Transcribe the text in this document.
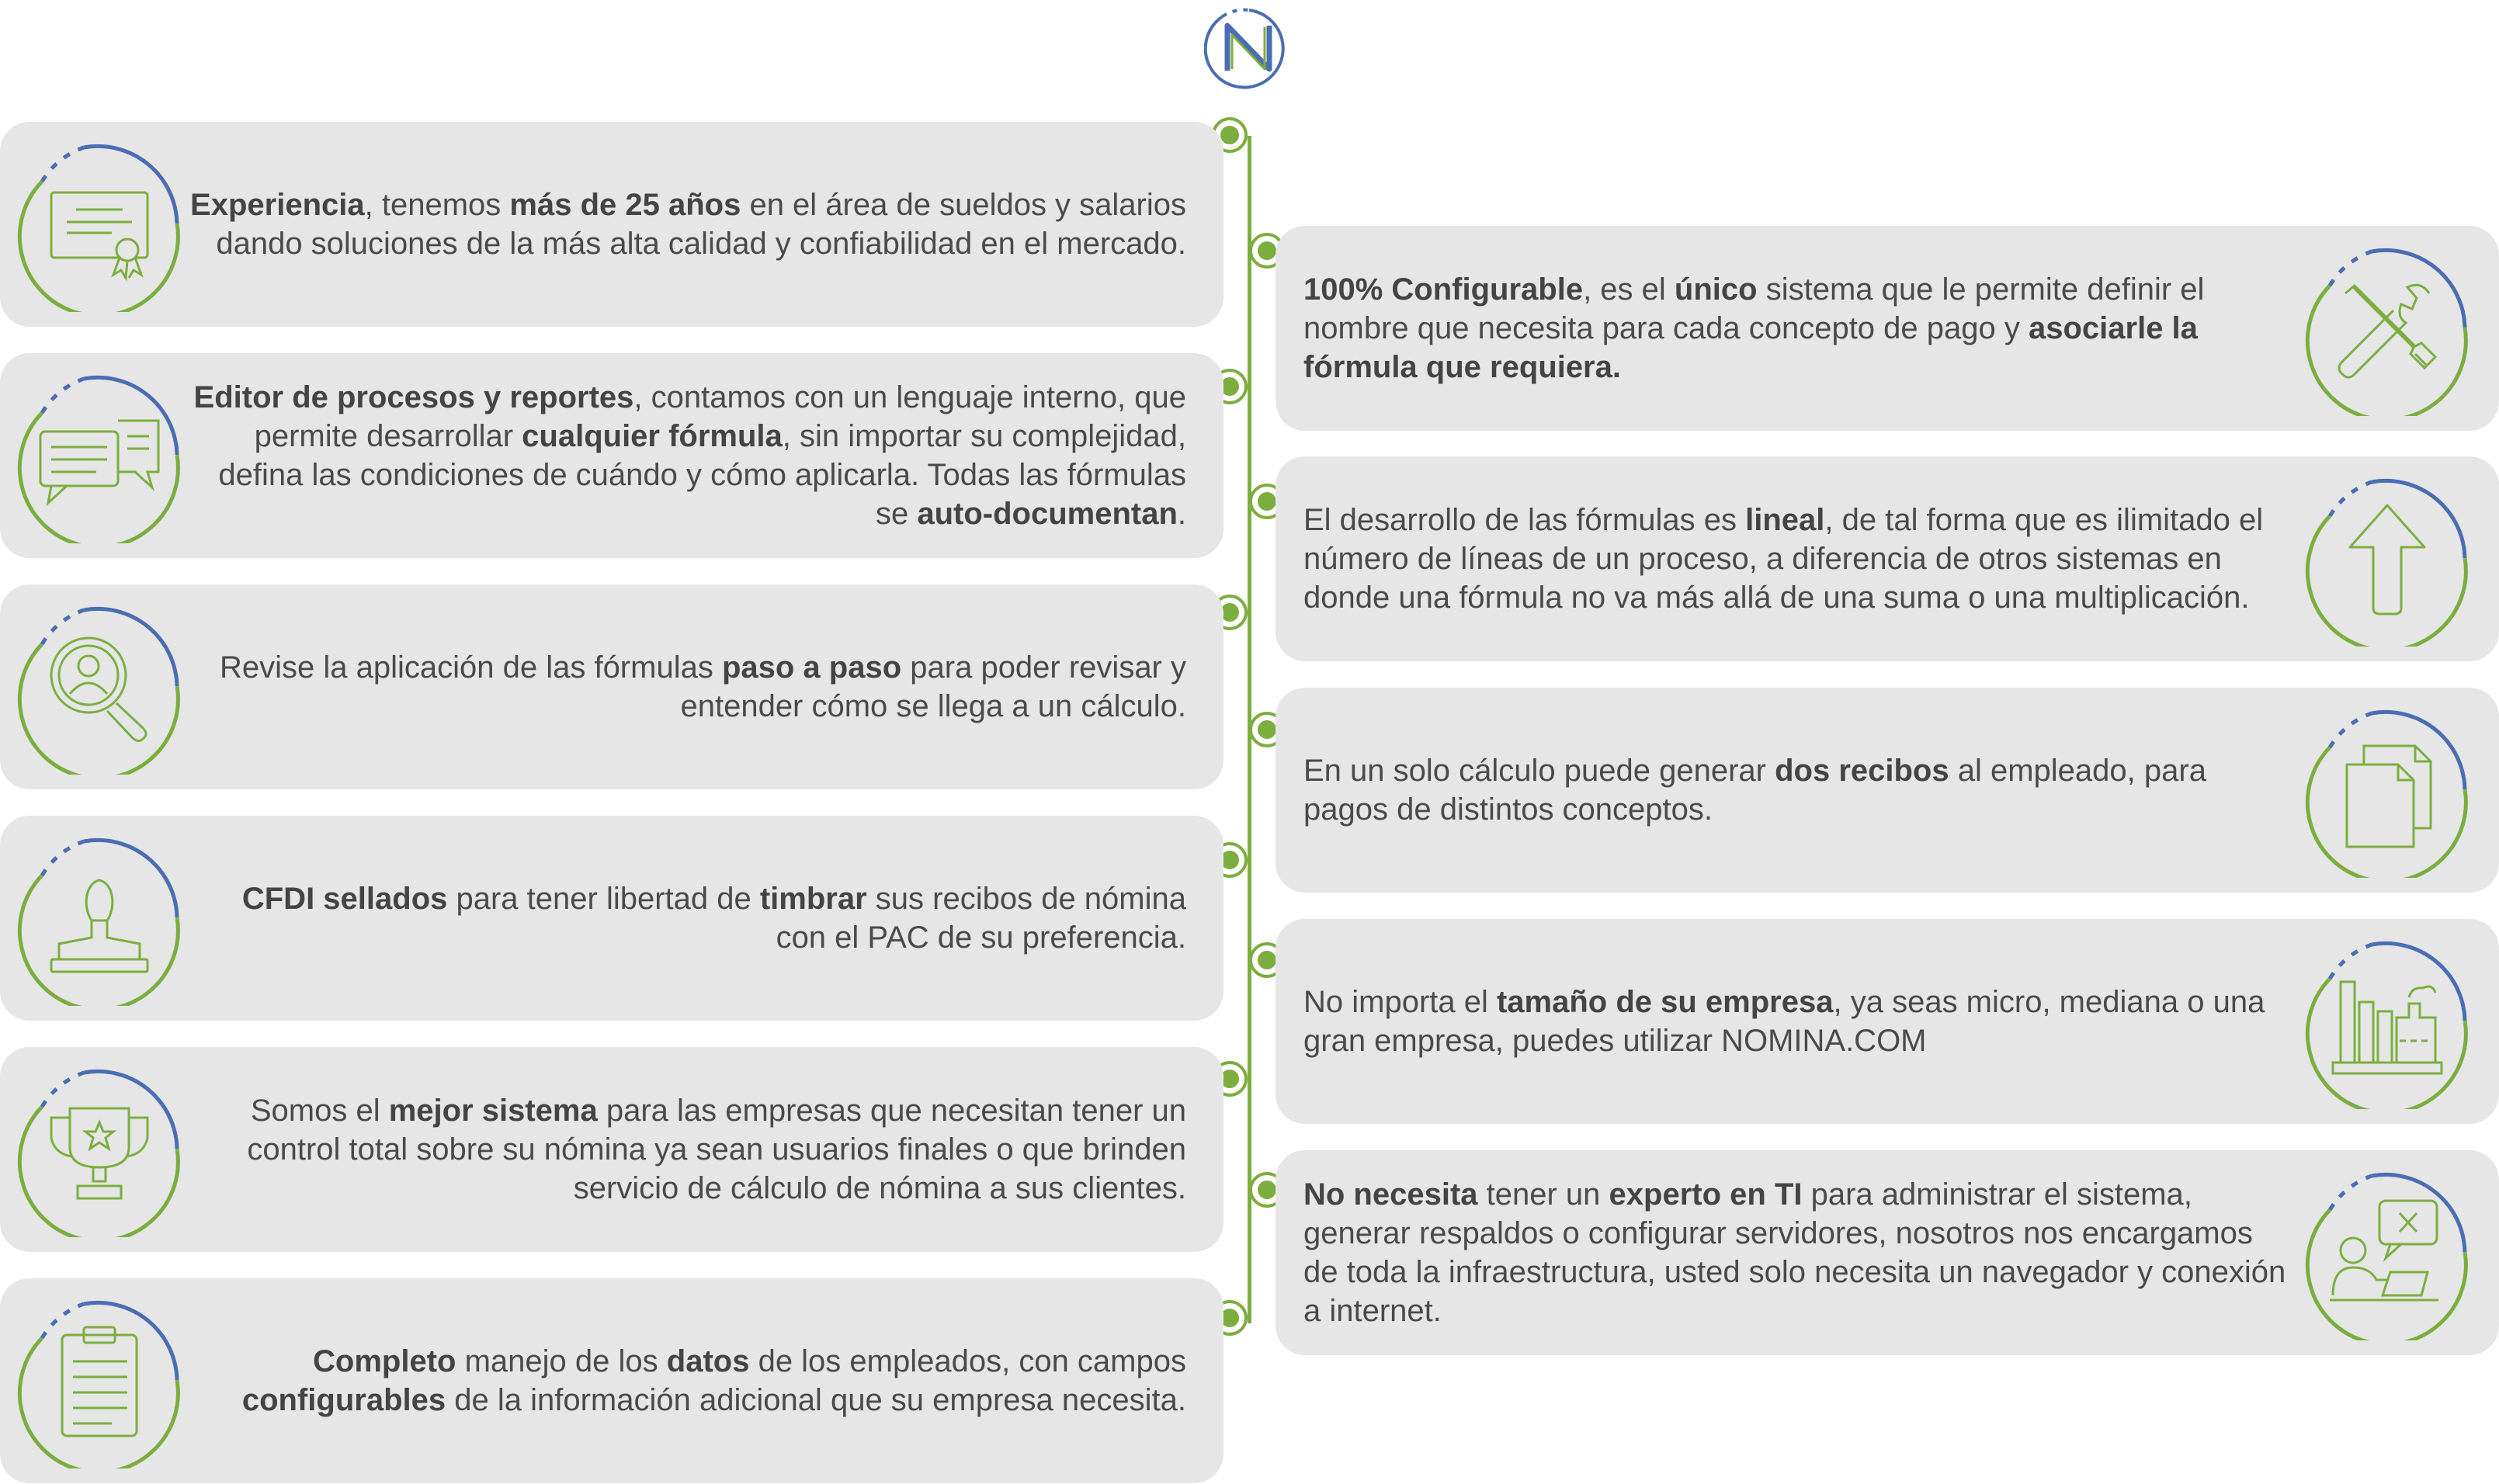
N
Experiencia, tenemos más de 25 años en el área de sueldos y salarios dando soluciones de la más alta calidad y confiabilidad en el mercado.
Editor de procesos y reportes, contamos con un lenguaje interno, que permite desarrollar cualquier fórmula, sin importar su complejidad, defina las condiciones de cuándo y cómo aplicarla. Todas las fórmulas se auto-documentan.
Revise la aplicación de las fórmulas paso a paso para poder revisar y entender cómo se llega a un cálculo.
CFDI sellados para tener libertad de timbrar sus recibos de nómina con el PAC de su preferencia.
Somos el mejor sistema para las empresas que necesitan tener un control total sobre su nómina ya sean usuarios finales o que brinden servicio de cálculo de nómina a sus clientes.
Completo manejo de los datos de los empleados, con campos configurables de la información adicional que su empresa necesita.
100% Configurable, es el único sistema que le permite definir el nombre que necesita para cada concepto de pago y asociarle la fórmula que requiera.
El desarrollo de las fórmulas es lineal, de tal forma que es ilimitado el número de líneas de un proceso, a diferencia de otros sistemas en donde una fórmula no va más allá de una suma o una multiplicación.
En un solo cálculo puede generar dos recibos al empleado, para pagos de distintos conceptos.
No importa el tamaño de su empresa, ya seas micro, mediana o una gran empresa, puedes utilizar NOMINA.COM
No necesita tener un experto en TI para administrar el sistema, generar respaldos o configurar servidores, nosotros nos encargamos de toda la infraestructura, usted solo necesita un navegador y conexión a internet.
